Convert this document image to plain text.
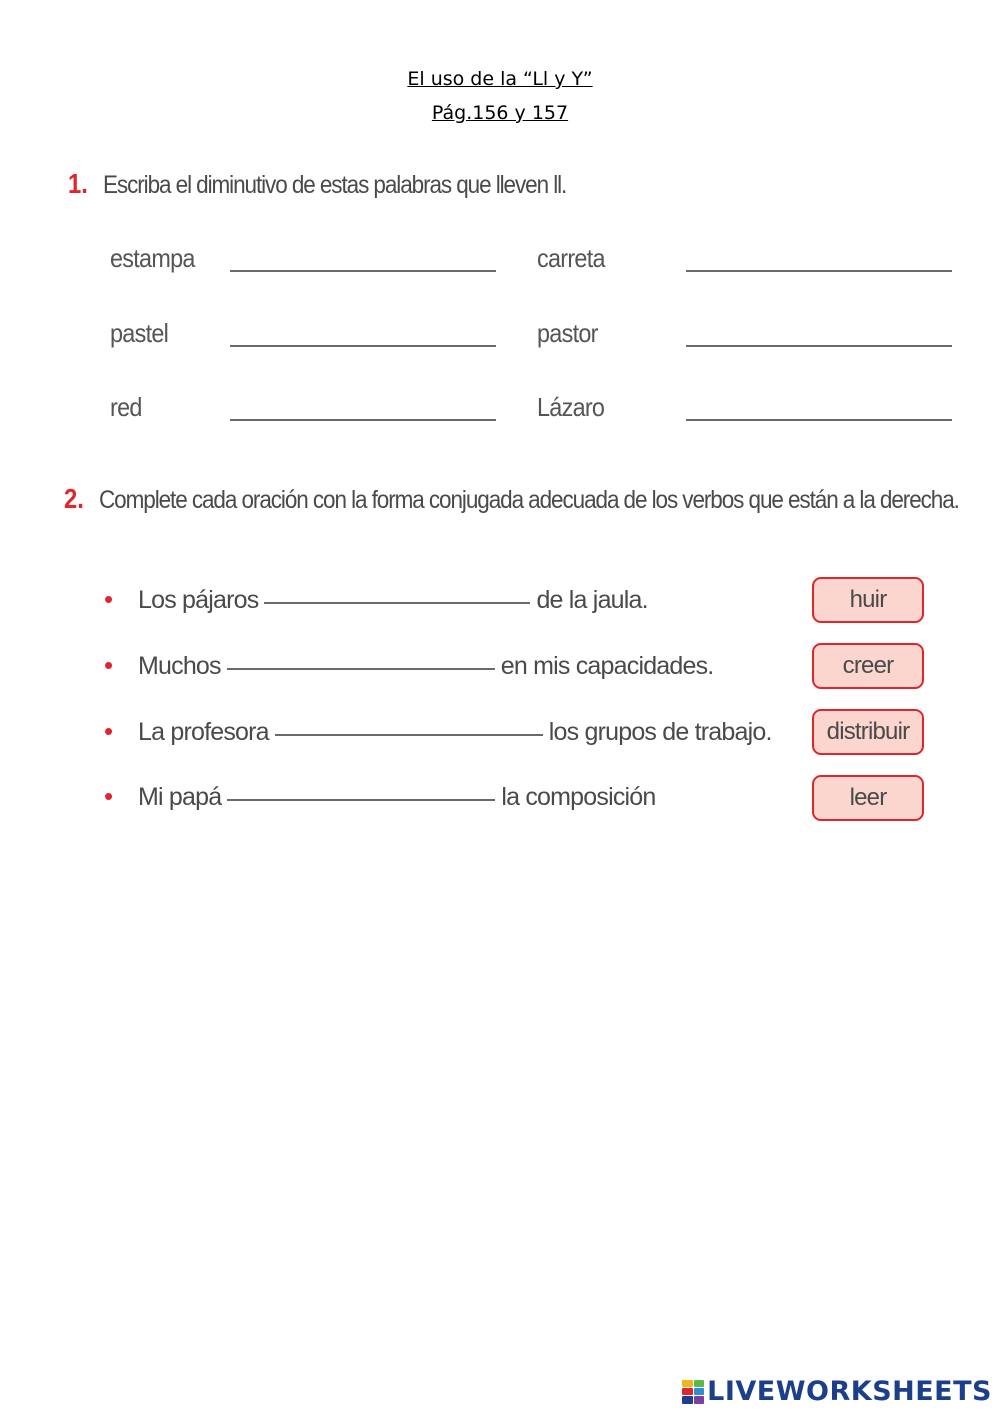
El uso de la “Ll y Y”
Pág.156 y 157
1. Escriba el diminutivo de estas palabras que lleven ll.
estampa	carreta
pastel	pastor
red	Lázaro
2. Complete cada oración con la forma conjugada adecuada de los verbos que están a la derecha.
•	Los pájaros	de la jaula.
•	Muchos	en mis capacidades.
•	La profesora	los grupos de trabajo.
•	Mi papá	la composición
huir
creer
distribuir
leer
LIVEWORKSHEETS
